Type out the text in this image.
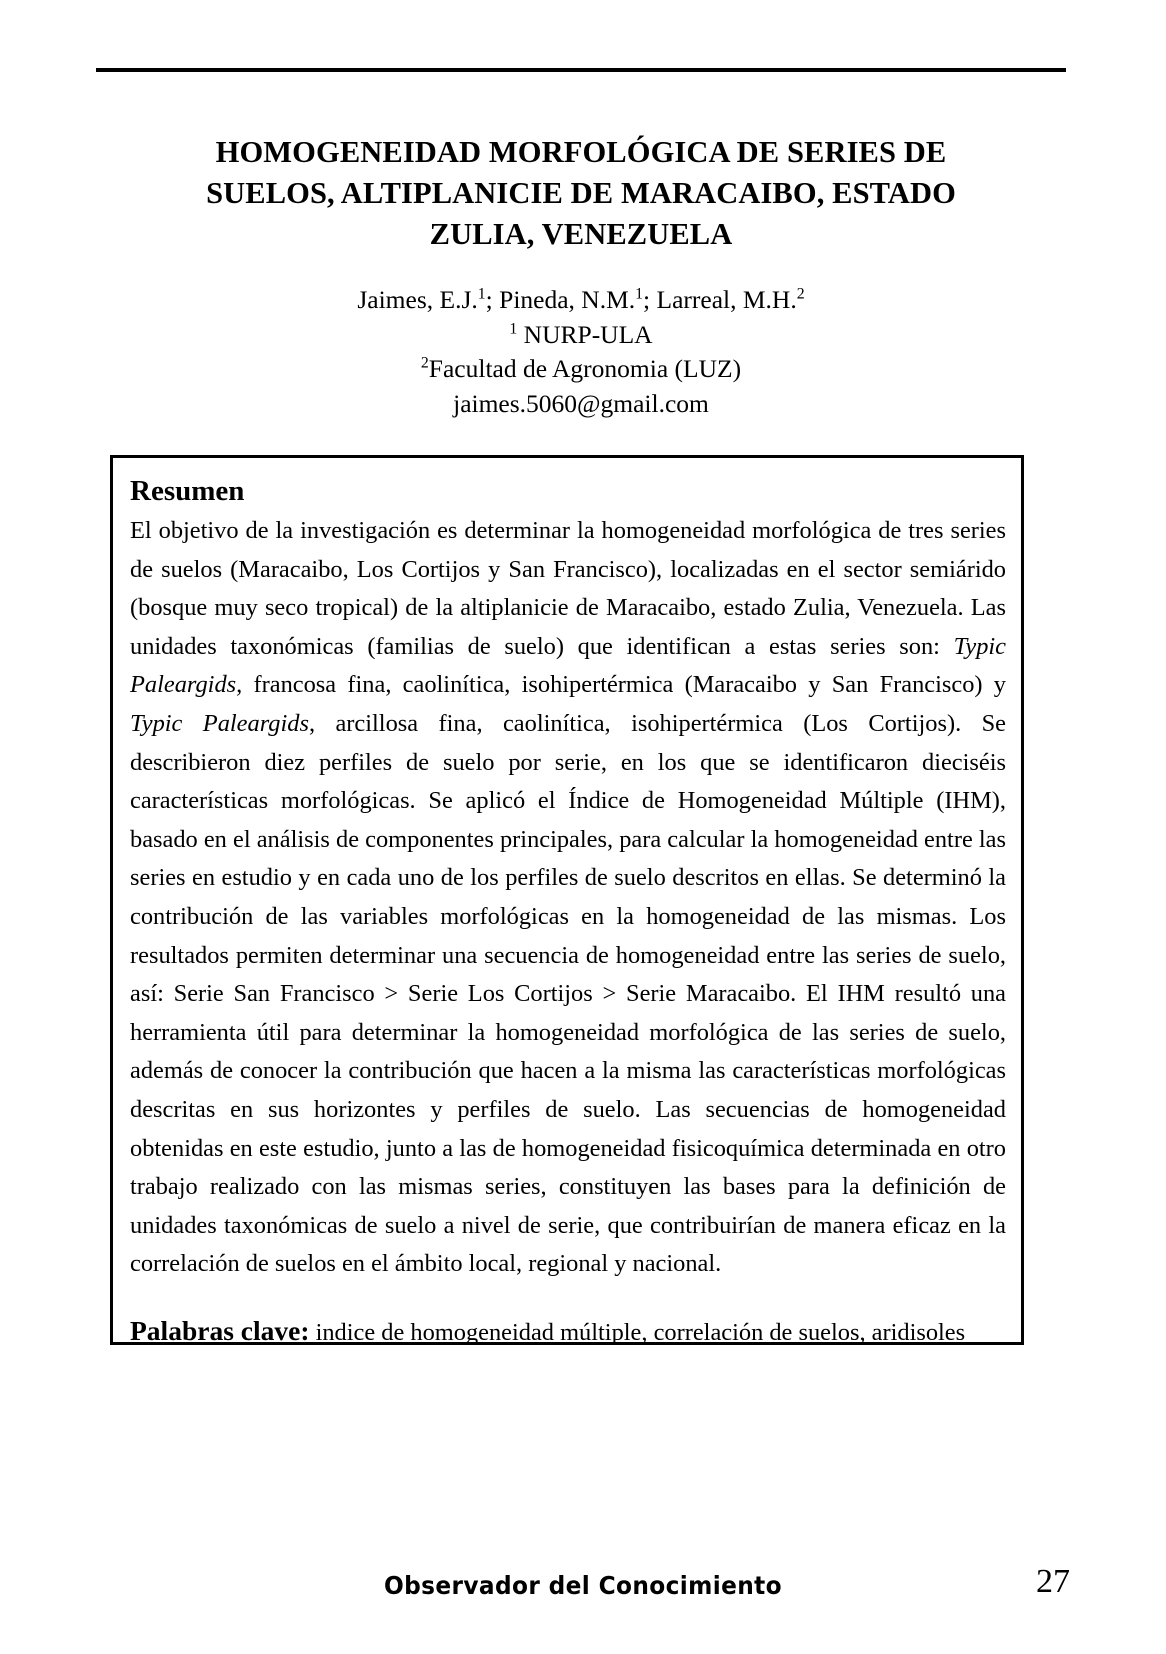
HOMOGENEIDAD MORFOLÓGICA DE SERIES DE
SUELOS, ALTIPLANICIE DE MARACAIBO, ESTADO
ZULIA, VENEZUELA
Jaimes, E.J.$^1$; Pineda, N.M.$^1$; Larreal, M.H.$^2$
$^1$ NURP-ULA
$^2$Facultad de Agronomia (LUZ)
jaimes.5060@gmail.com
Resumen
El objetivo de la investigación es determinar la homogeneidad morfológica de tres series de suelos (Maracaibo, Los Cortijos y San Francisco), localizadas en el sector semiárido (bosque muy seco tropical) de la altiplanicie de Maracaibo, estado Zulia, Venezuela. Las unidades taxonómicas (familias de suelo) que identifican a estas series son: Typic Paleargids, francosa fina, caolinítica, isohipertérmica (Maracaibo y San Francisco) y Typic Paleargids, arcillosa fina, caolinítica, isohipertérmica (Los Cortijos). Se describieron diez perfiles de suelo por serie, en los que se identificaron dieciséis características morfológicas. Se aplicó el Índice de Homogeneidad Múltiple (IHM), basado en el análisis de componentes principales, para calcular la homogeneidad entre las series en estudio y en cada uno de los perfiles de suelo descritos en ellas. Se determinó la contribución de las variables morfológicas en la homogeneidad de las mismas. Los resultados permiten determinar una secuencia de homogeneidad entre las series de suelo, así: Serie San Francisco > Serie Los Cortijos > Serie Maracaibo. El IHM resultó una herramienta útil para determinar la homogeneidad morfológica de las series de suelo, además de conocer la contribución que hacen a la misma las características morfológicas descritas en sus horizontes y perfiles de suelo. Las secuencias de homogeneidad obtenidas en este estudio, junto a las de homogeneidad fisicoquímica determinada en otro trabajo realizado con las mismas series, constituyen las bases para la definición de unidades taxonómicas de suelo a nivel de serie, que contribuirían de manera eficaz en la correlación de suelos en el ámbito local, regional y nacional.
Palabras clave: indice de homogeneidad múltiple, correlación de suelos, aridisoles
Observador del Conocimiento	27
